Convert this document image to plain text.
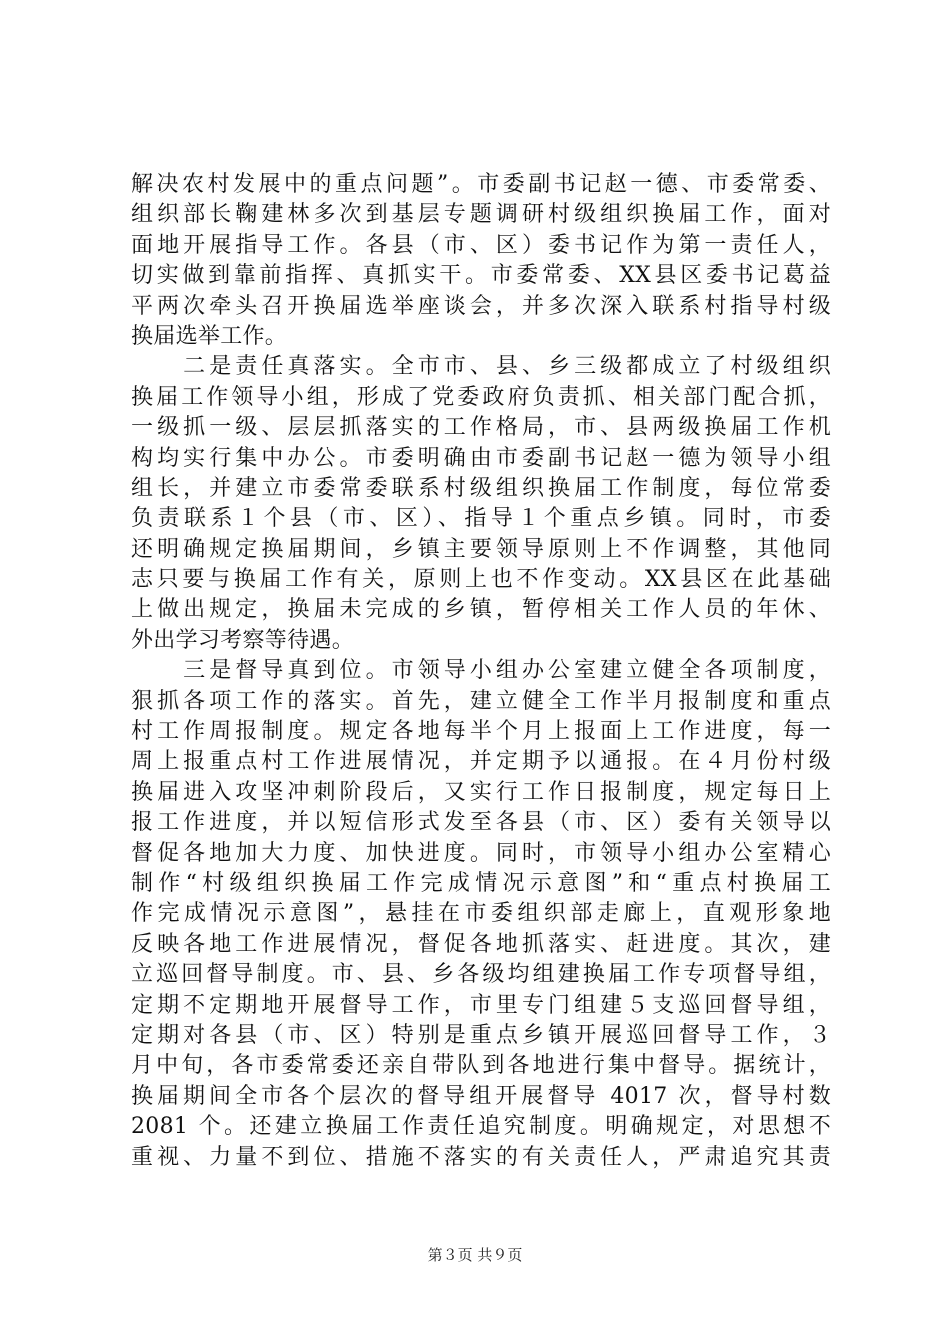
解决农村发展中的重点问题”。市委副书记赵一德、市委常委、
组织部长鞠建林多次到基层专题调研村级组织换届工作，面对
面地开展指导工作。各县（市、区）委书记作为第一责任人，
切实做到靠前指挥、真抓实干。市委常委、XX县区委书记葛益
平两次牵头召开换届选举座谈会，并多次深入联系村指导村级
换届选举工作。
　　二是责任真落实。全市市、县、乡三级都成立了村级组织
换届工作领导小组，形成了党委政府负责抓、相关部门配合抓，
一级抓一级、层层抓落实的工作格局，市、县两级换届工作机
构均实行集中办公。市委明确由市委副书记赵一德为领导小组
组长，并建立市委常委联系村级组织换届工作制度，每位常委
负责联系１个县（市、区）、指导１个重点乡镇。同时，市委
还明确规定换届期间，乡镇主要领导原则上不作调整，其他同
志只要与换届工作有关，原则上也不作变动。XX县区在此基础
上做出规定，换届未完成的乡镇，暂停相关工作人员的年休、
外出学习考察等待遇。
　　三是督导真到位。市领导小组办公室建立健全各项制度，
狠抓各项工作的落实。首先，建立健全工作半月报制度和重点
村工作周报制度。规定各地每半个月上报面上工作进度，每一
周上报重点村工作进展情况，并定期予以通报。在４月份村级
换届进入攻坚冲刺阶段后，又实行工作日报制度，规定每日上
报工作进度，并以短信形式发至各县（市、区）委有关领导以
督促各地加大力度、加快进度。同时，市领导小组办公室精心
制作“村级组织换届工作完成情况示意图”和“重点村换届工
作完成情况示意图”，悬挂在市委组织部走廊上，直观形象地
反映各地工作进展情况，督促各地抓落实、赶进度。其次，建
立巡回督导制度。市、县、乡各级均组建换届工作专项督导组，
定期不定期地开展督导工作，市里专门组建５支巡回督导组，
定期对各县（市、区）特别是重点乡镇开展巡回督导工作，３
月中旬，各市委常委还亲自带队到各地进行集中督导。据统计，
换届期间全市各个层次的督导组开展督导 4017 次，督导村数
2081 个。还建立换届工作责任追究制度。明确规定，对思想不
重视、力量不到位、措施不落实的有关责任人，严肃追究其责
第３页 共９页
